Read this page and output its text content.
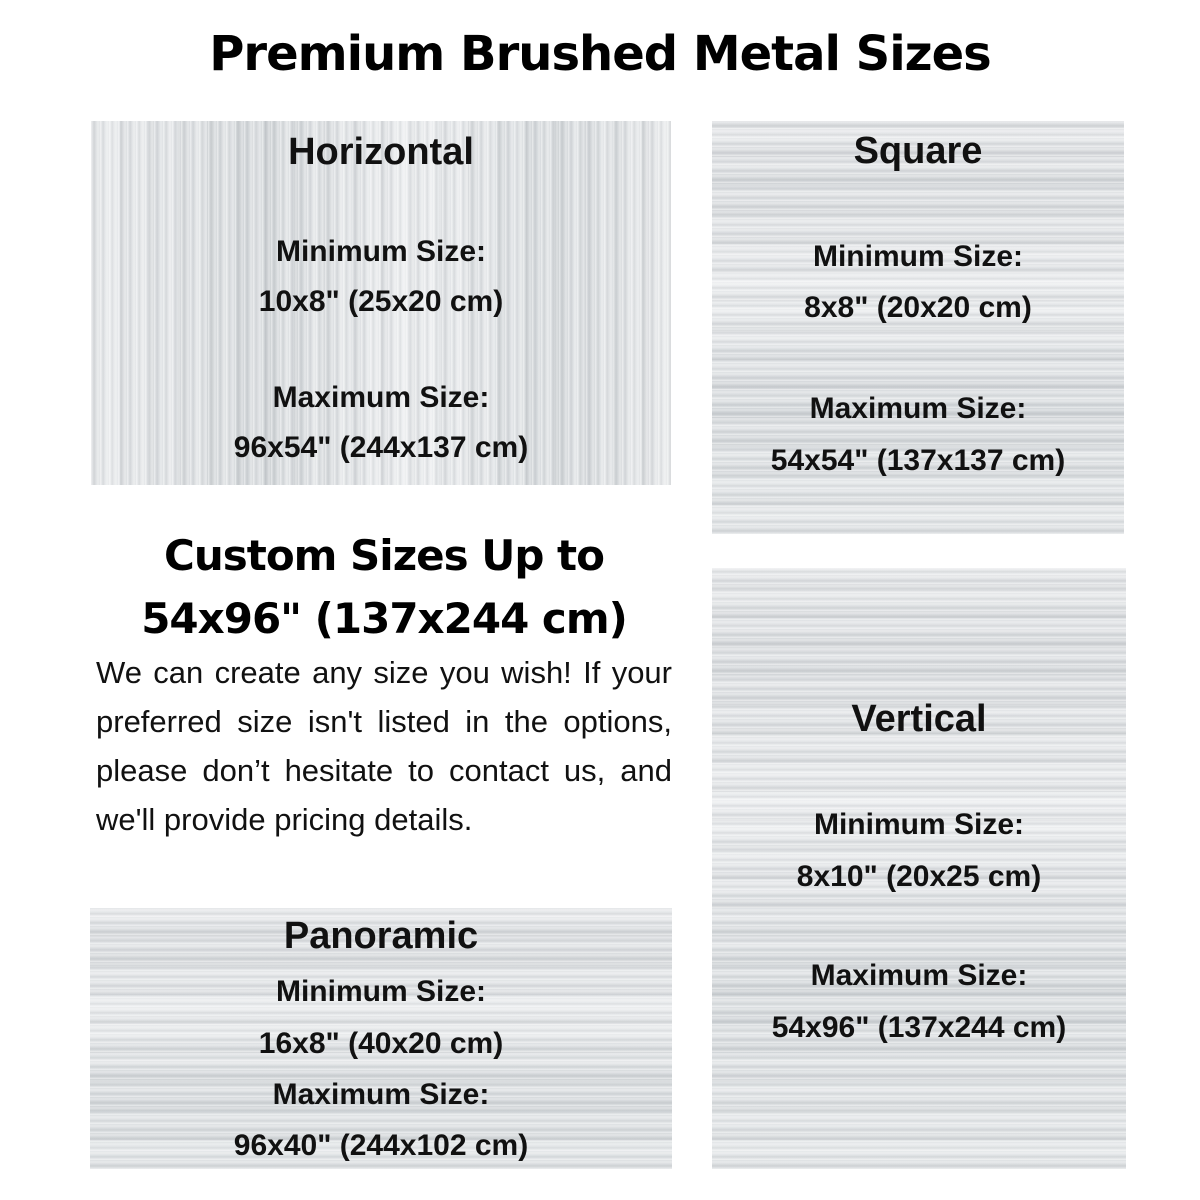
Premium Brushed Metal Sizes
Horizontal
Minimum Size:
10x8" (25x20 cm)
Maximum Size:
96x54" (244x137 cm)
Square
Minimum Size:
8x8" (20x20 cm)
Maximum Size:
54x54" (137x137 cm)
Custom Sizes Up to
54x96" (137x244 cm)
We can create any size you wish! If your preferred size isn't listed in the options, please don’t hesitate to contact us, and we'll provide pricing details.
Vertical
Minimum Size:
8x10" (20x25 cm)
Maximum Size:
54x96" (137x244 cm)
Panoramic
Minimum Size:
16x8" (40x20 cm)
Maximum Size:
96x40" (244x102 cm)
